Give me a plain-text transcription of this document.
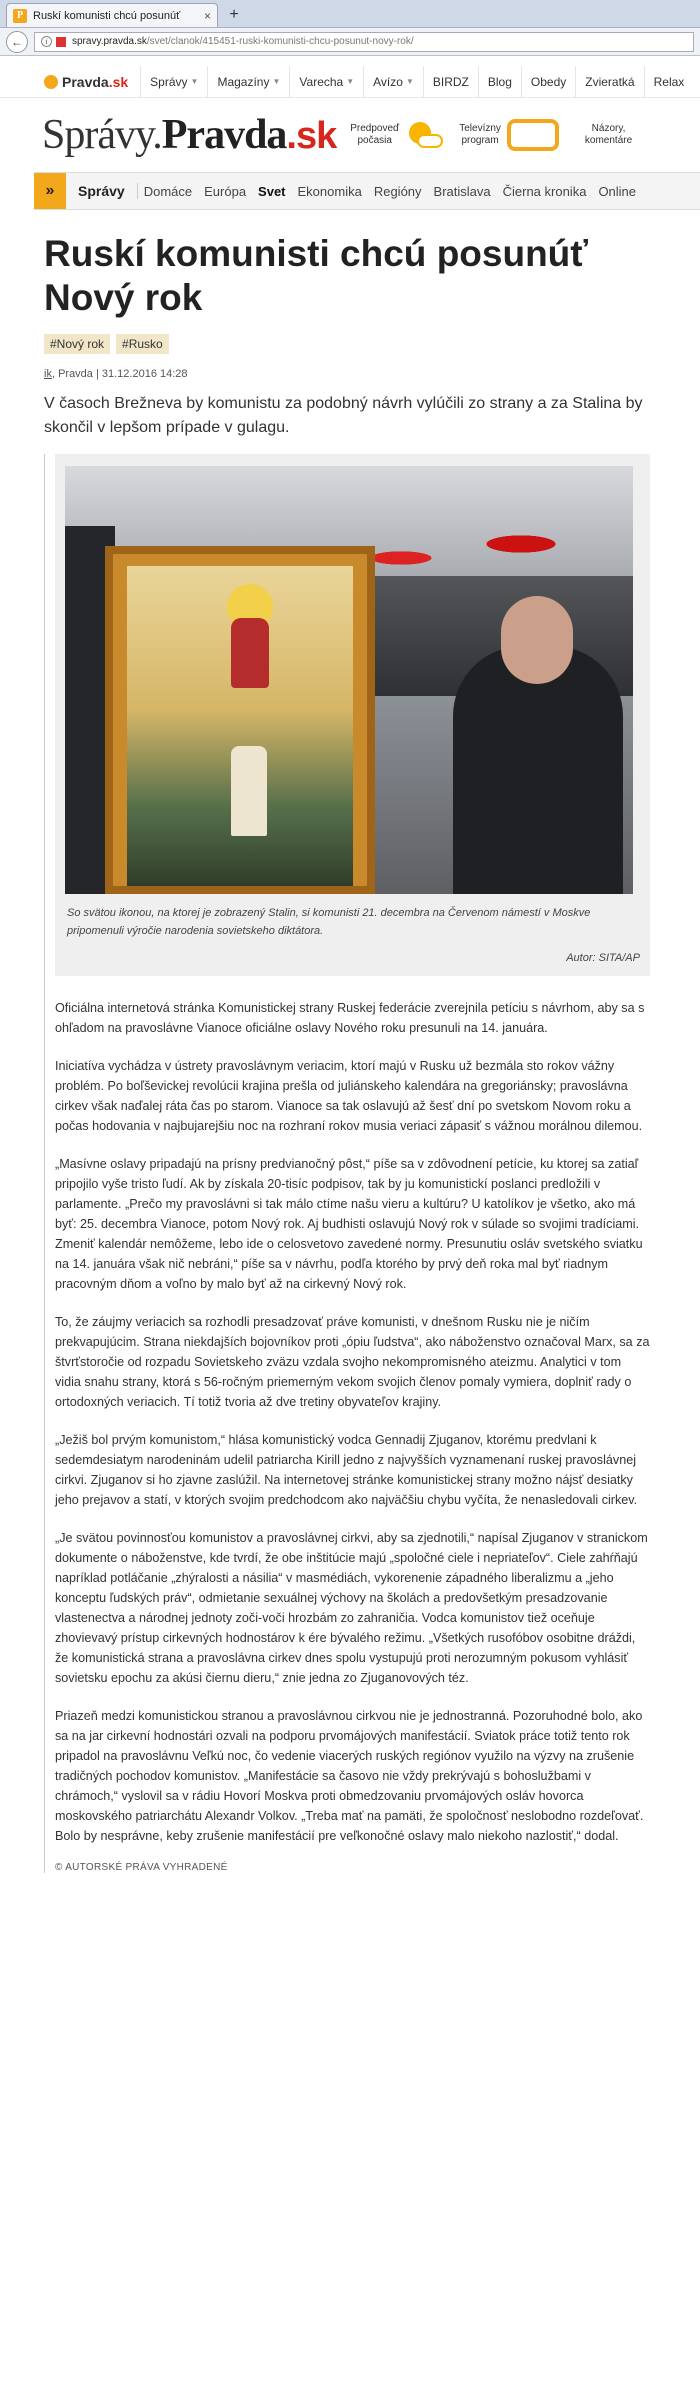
P Ruskí komunisti chcú posunúť	×	+
←	i	spravy.pravda.sk /svet/clanok/415451-ruski-komunisti-chcu-posunut-novy-rok/
Pravda .sk Správy ▼ Magazíny ▼ Varecha ▼ Avízo ▼	BIRDZ	Blog	Obedy	Zvieratká	Relax
Správy.Pravda.sk Predpoveď
počasia
Televízny
program
Názory,
komentáre
»	Správy	Domáce Európa Svet Ekonomika Regióny Bratislava Čierna kronika Online
Ruskí komunisti chcú posunúť Nový rok
#Nový rok	#Rusko
ik, Pravda | 31.12.2016 14:28

V časoch Brežneva by komunistu za podobný návrh vylúčili zo strany a za Stalina by skončil v lepšom prípade v gulagu.

So svätou ikonou, na ktorej je zobrazený Stalin, si komunisti 21. decembra na Červenom námestí v Moskve pripomenuli výročie narodenia sovietskeho diktátora.

Autor: SITA/AP

Oficiálna internetová stránka Komunistickej strany Ruskej federácie zverejnila petíciu s návrhom, aby sa s ohľadom na pravoslávne Vianoce oficiálne oslavy Nového roku presunuli na 14. januára.

Iniciatíva vychádza v ústrety pravoslávnym veriacim, ktorí majú v Rusku už bezmála sto rokov vážny problém. Po boľševickej revolúcii krajina prešla od juliánskeho kalendára na gregoriánsky; pravoslávna cirkev však naďalej ráta čas po starom. Vianoce sa tak oslavujú až šesť dní po svetskom Novom roku a počas hodovania v najbujarejšiu noc na rozhraní rokov musia veriaci zápasiť s vážnou morálnou dilemou.

„Masívne oslavy pripadajú na prísny predvianočný pôst,“ píše sa v zdôvodnení petície, ku ktorej sa zatiaľ pripojilo vyše tristo ľudí. Ak by získala 20-tisíc podpisov, tak by ju komunistickí poslanci predložili v parlamente. „Prečo my pravoslávni si tak málo ctíme našu vieru a kultúru? U katolíkov je všetko, ako má byť: 25. decembra Vianoce, potom Nový rok. Aj budhisti oslavujú Nový rok v súlade so svojimi tradíciami. Zmeniť kalendár nemôžeme, lebo ide o celosvetovo zavedené normy. Presunutiu osláv svetského sviatku na 14. januára však nič nebráni,“ píše sa v návrhu, podľa ktorého by prvý deň roka mal byť riadnym pracovným dňom a voľno by malo byť až na cirkevný Nový rok.

To, že záujmy veriacich sa rozhodli presadzovať práve komunisti, v dnešnom Rusku nie je ničím prekvapujúcim. Strana niekdajších bojovníkov proti „ópiu ľudstva“, ako náboženstvo označoval Marx, sa za štvrťstoročie od rozpadu Sovietskeho zväzu vzdala svojho nekompromisného ateizmu. Analytici v tom vidia snahu strany, ktorá s 56-ročným priemerným vekom svojich členov pomaly vymiera, doplniť rady o ortodoxných veriacich. Tí totiž tvoria až dve tretiny obyvateľov krajiny.

„Ježiš bol prvým komunistom,“ hlása komunistický vodca Gennadij Zjuganov, ktorému predvlani k sedemdesiatym narodeninám udelil patriarcha Kirill jedno z najvyšších vyznamenaní ruskej pravoslávnej cirkvi. Zjuganov si ho zjavne zaslúžil. Na internetovej stránke komunistickej strany možno nájsť desiatky jeho prejavov a statí, v ktorých svojim predchodcom ako najväčšiu chybu vyčíta, že nenasledovali cirkev.

„Je svätou povinnosťou komunistov a pravoslávnej cirkvi, aby sa zjednotili,“ napísal Zjuganov v stranickom dokumente o náboženstve, kde tvrdí, že obe inštitúcie majú „spoločné ciele i nepriateľov“. Ciele zahŕňajú napríklad potláčanie „zhýralosti a násilia“ v masmédiách, vykorenenie západného liberalizmu a „jeho konceptu ľudských práv“, odmietanie sexuálnej výchovy na školách a predovšetkým presadzovanie vlastenectva a národnej jednoty zoči-voči hrozbám zo zahraničia. Vodca komunistov tiež oceňuje zhovievavý prístup cirkevných hodnostárov k ére bývalého režimu. „Všetkých rusofóbov osobitne dráždi, že komunistická strana a pravoslávna cirkev dnes spolu vystupujú proti nerozumným pokusom vyhlásiť sovietsku epochu za akúsi čiernu dieru,“ znie jedna zo Zjuganovových téz.

Priazeň medzi komunistickou stranou a pravoslávnou cirkvou nie je jednostranná. Pozoruhodné bolo, ako sa na jar cirkevní hodnostári ozvali na podporu prvomájových manifestácií. Sviatok práce totiž tento rok pripadol na pravoslávnu Veľkú noc, čo vedenie viacerých ruských regiónov využilo na výzvy na zrušenie tradičných pochodov komunistov. „Manifestácie sa časovo nie vždy prekrývajú s bohoslužbami v chrámoch,“ vyslovil sa v rádiu Hovorí Moskva proti obmedzovaniu prvomájových osláv hovorca moskovského patriarchátu Alexandr Volkov. „Treba mať na pamäti, že spoločnosť neslobodno rozdeľovať. Bolo by nesprávne, keby zrušenie manifestácií pre veľkonočné oslavy malo niekoho nazlostiť,“ dodal.

© AUTORSKÉ PRÁVA VYHRADENÉ
